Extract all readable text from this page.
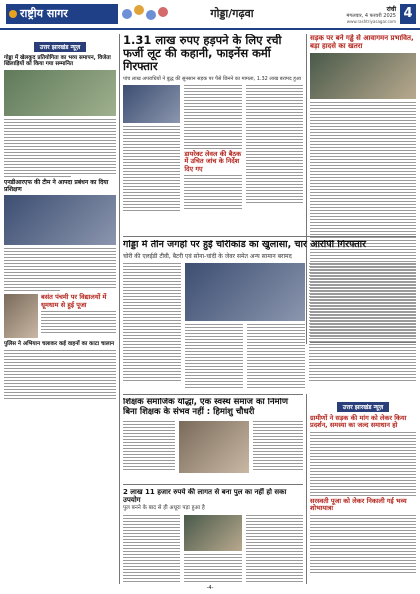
राष्ट्रीय सागर	गोड्डा/गढ़वा	रांची
मंगलवार, 4 फरवरी 2025
www.rashtriyasagar.com
4
उत्तर झारखंड न्यूज़
गोड्डा में खेलकूद प्रतियोगिता का भव्य समापन, विजेता खिलाड़ियों को किया गया सम्मानित
एनडीआरएफ की टीम ने आपदा प्रबंधन का दिया प्रशिक्षण
बसंत पंचमी पर विद्यालयों में धूमधाम से हुई पूजा
पुलिस ने अभियान चलाकर कई वाहनों का काटा चालान
1.31 लाख रुपए हड़पने के लिए रची फर्जी लूट की कहानी, फाइनेंस कर्मी गिरफ्तार
पांच लाख अपराधियों ने बुद्ध की सुनसान सड़क पर पैसे छिनने का मामला, 1.32 लाख बरामद हुआ
डायरेक्ट लेवल की बैठक में उचित जांच के निर्देश दिए गए
सड़क पर बने गड्ढे से आवागमन प्रभावित, बड़ा हादसे का खतरा
गोड्डा में तीन जगहों पर हुई चोरीकांड का खुलासा, चार आरोपी गिरफ्तार
चोरी की एलईडी टीवी, बैटरी एवं सोना-चांदी के जेवर समेत अन्य सामान बरामद
शिक्षक समाजिक योद्धा, एक स्वस्थ समाज का निर्माण बिना शिक्षक के संभव नहीं : हिमांशु चौधरी
2 लाख 11 हजार रुपये की लागत से बना पुल का नहीं हो सका उपयोग
पुल बनने के बाद से ही अधूरा पड़ा हुआ है
उत्तर झारखंड न्यूज़
ग्रामीणों ने सड़क की मांग को लेकर किया प्रदर्शन, समस्या का जल्द समाधान हो
सरस्वती पूजा को लेकर निकाली गई भव्य शोभायात्रा
-4-
